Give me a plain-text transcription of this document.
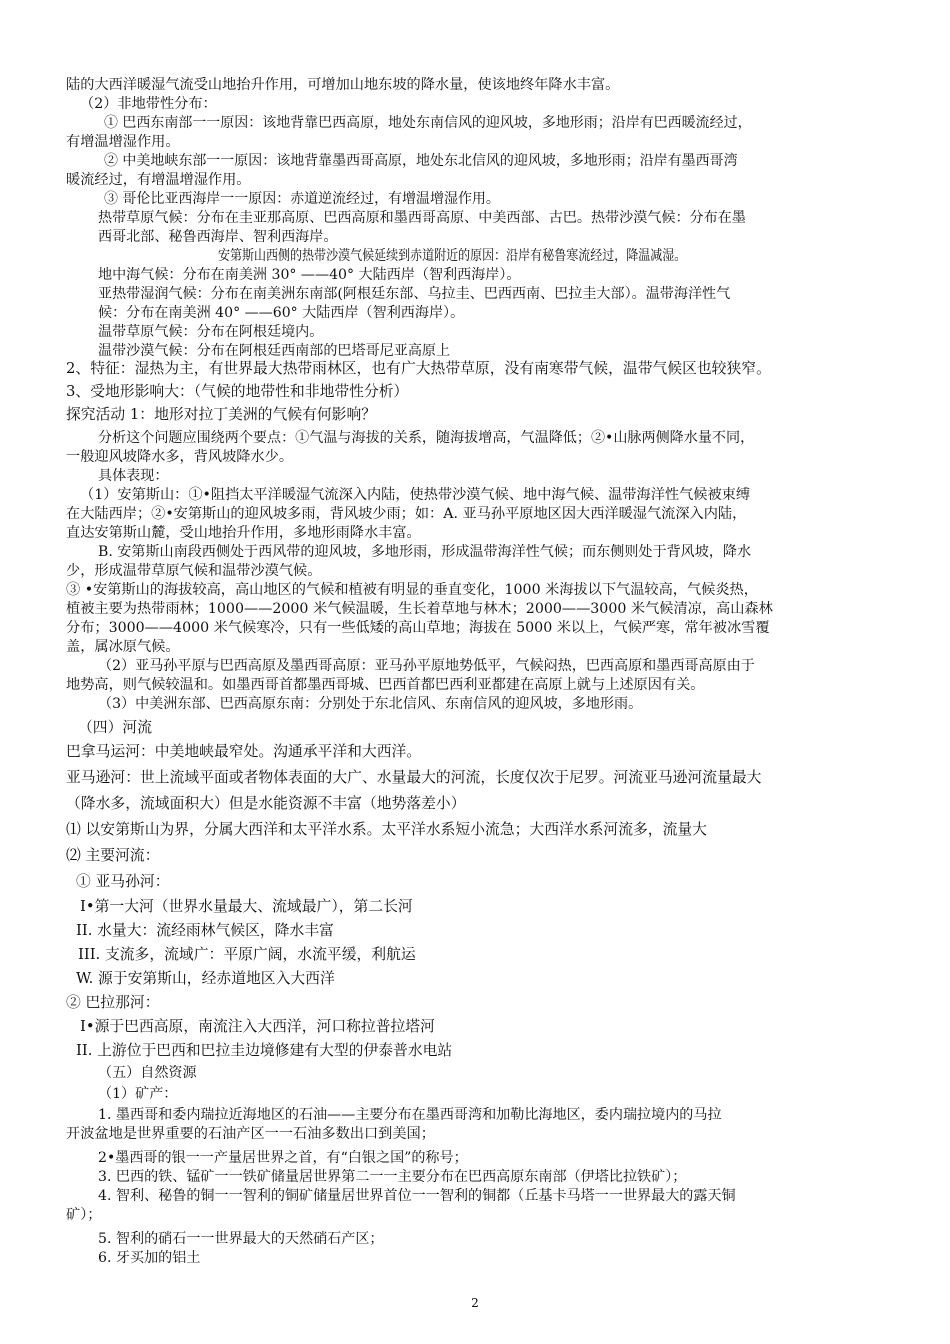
陆的大西洋暖湿气流受山地抬升作用，可增加山地东坡的降水量，使该地终年降水丰富。
（2）非地带性分布：
① 巴西东南部一一原因：该地背靠巴西高原，地处东南信风的迎风坡，多地形雨；沿岸有巴西暖流经过，
有增温增湿作用。
② 中美地峡东部一一原因：该地背靠墨西哥高原，地处东北信风的迎风坡，多地形雨；沿岸有墨西哥湾
暖流经过，有增温增湿作用。
③ 哥伦比亚西海岸一一原因：赤道逆流经过，有增温增湿作用。
热带草原气候：分布在圭亚那高原、巴西高原和墨西哥高原、中美西部、古巴。热带沙漠气候：分布在墨
西哥北部、秘鲁西海岸、智利西海岸。
安第斯山西侧的热带沙漠气候延续到赤道附近的原因：沿岸有秘鲁寒流经过，降温减湿。
地中海气候：分布在南美洲 30° ——40° 大陆西岸（智利西海岸）。
亚热带湿润气候：分布在南美洲东南部(阿根廷东部、乌拉圭、巴西西南、巴拉圭大部）。温带海洋性气
候：分布在南美洲 40° ——60° 大陆西岸（智利西海岸）。
温带草原气候：分布在阿根廷境内。
温带沙漠气候：分布在阿根廷西南部的巴塔哥尼亚高原上
2、特征：湿热为主，有世界最大热带雨林区，也有广大热带草原，没有南寒带气候，温带气候区也较狭窄。
3、受地形影响大：（气候的地带性和非地带性分析）
探究活动 1：地形对拉丁美洲的气候有何影响？
分析这个问题应围绕两个要点：①气温与海拔的关系，随海拔增高，气温降低；②•山脉两侧降水量不同，
一般迎风坡降水多，背风坡降水少。
具体表现：
（1）安第斯山：①•阻挡太平洋暖湿气流深入内陆，使热带沙漠气候、地中海气候、温带海洋性气候被束缚
在大陆西岸；②•安第斯山的迎风坡多雨，背风坡少雨；如：A. 亚马孙平原地区因大西洋暖湿气流深入内陆，
直达安第斯山麓，受山地抬升作用，多地形雨降水丰富。
B. 安第斯山南段西侧处于西风带的迎风坡，多地形雨，形成温带海洋性气候；而东侧则处于背风坡，降水
少，形成温带草原气候和温带沙漠气候。
③ •安第斯山的海拔较高，高山地区的气候和植被有明显的垂直变化，1000 米海拔以下气温较高，气候炎热，
植被主要为热带雨林；1000——2000 米气候温暖，生长着草地与林木；2000——3000 米气候清凉，高山森林
分布；3000——4000 米气候寒冷，只有一些低矮的高山草地；海拔在 5000 米以上，气候严寒，常年被冰雪覆
盖，属冰原气候。
（2）亚马孙平原与巴西高原及墨西哥高原：亚马孙平原地势低平，气候闷热，巴西高原和墨西哥高原由于
地势高，则气候较温和。如墨西哥首都墨西哥城、巴西首都巴西利亚都建在高原上就与上述原因有关。
（3）中美洲东部、巴西高原东南：分别处于东北信风、东南信风的迎风坡，多地形雨。
（四）河流
巴拿马运河：中美地峡最窄处。沟通承平洋和大西洋。
亚马逊河：世上流域平面或者物体表面的大广、水量最大的河流，长度仅次于尼罗。河流亚马逊河流量最大
（降水多，流域面积大）但是水能资源不丰富（地势落差小）
⑴ 以安第斯山为界，分属大西洋和太平洋水系。太平洋水系短小流急；大西洋水系河流多，流量大
⑵ 主要河流：
① 亚马孙河：
I•第一大河（世界水量最大、流域最广），第二长河
II. 水量大：流经雨林气候区，降水丰富
III. 支流多，流域广：平原广阔，水流平缓，利航运
W. 源于安第斯山，经赤道地区入大西洋
② 巴拉那河：
I•源于巴西高原，南流注入大西洋，河口称拉普拉塔河
II. 上游位于巴西和巴拉圭边境修建有大型的伊泰普水电站
（五）自然资源
（1）矿产：
1. 墨西哥和委内瑞拉近海地区的石油——主要分布在墨西哥湾和加勒比海地区，委内瑞拉境内的马拉
开波盆地是世界重要的石油产区一一石油多数出口到美国；
2•墨西哥的银一一产量居世界之首，有“白银之国”的称号；
3. 巴西的铁、锰矿一一铁矿储量居世界第二一一主要分布在巴西高原东南部（伊塔比拉铁矿）；
4. 智利、秘鲁的铜一一智利的铜矿储量居世界首位一一智利的铜都（丘基卡马塔一一世界最大的露天铜
矿）；
5. 智利的硝石一一世界最大的天然硝石产区；
6. 牙买加的铝土
2
